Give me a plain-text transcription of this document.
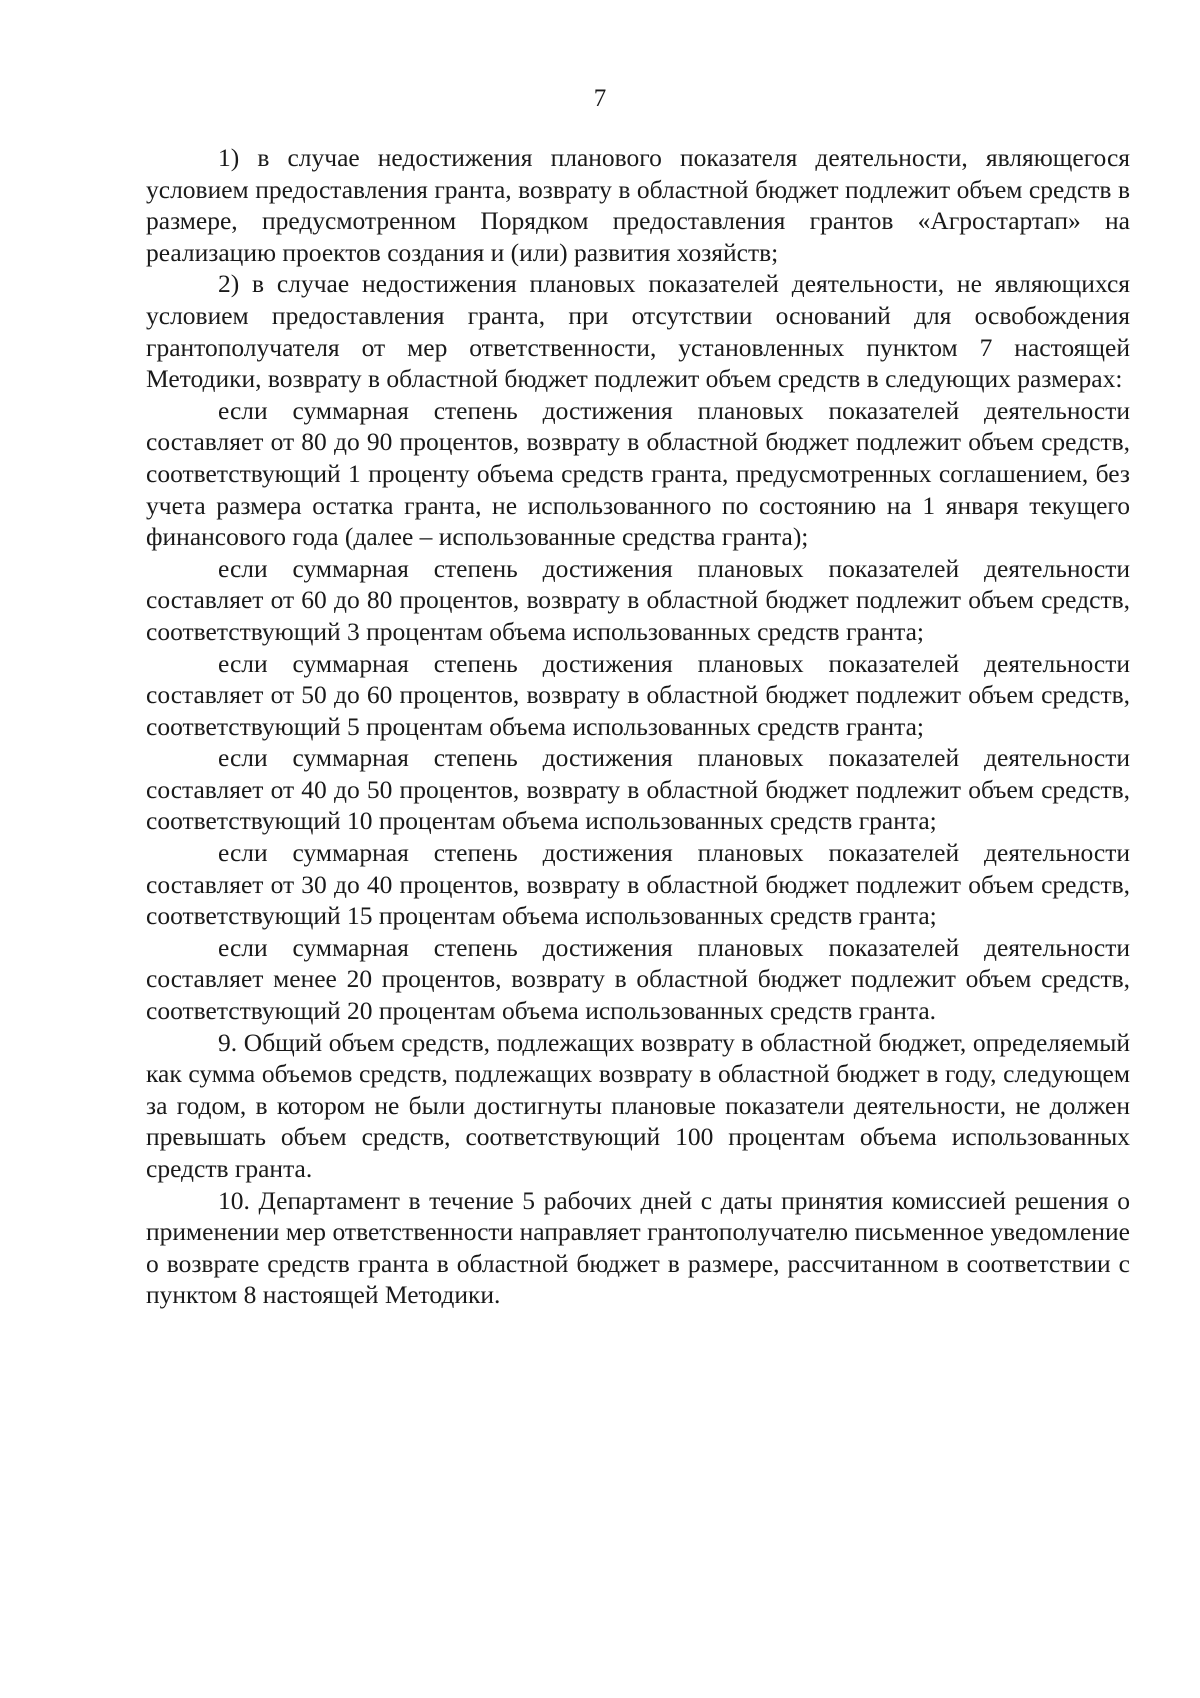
7

1) в случае недостижения планового показателя деятельности, являющегося условием предоставления гранта, возврату в областной бюджет подлежит объем средств в размере, предусмотренном Порядком предоставления грантов «Агростартап» на реализацию проектов создания и (или) развития хозяйств;

2) в случае недостижения плановых показателей деятельности, не являющихся условием предоставления гранта, при отсутствии оснований для освобождения грантополучателя от мер ответственности, установленных пунктом 7 настоящей Методики, возврату в областной бюджет подлежит объем средств в следующих размерах:

если суммарная степень достижения плановых показателей деятельности составляет от 80 до 90 процентов, возврату в областной бюджет подлежит объем средств, соответствующий 1 проценту объема средств гранта, предусмотренных соглашением, без учета размера остатка гранта, не использованного по состоянию на 1 января текущего финансового года (далее – использованные средства гранта);

если суммарная степень достижения плановых показателей деятельности составляет от 60 до 80 процентов, возврату в областной бюджет подлежит объем средств, соответствующий 3 процентам объема использованных средств гранта;

если суммарная степень достижения плановых показателей деятельности составляет от 50 до 60 процентов, возврату в областной бюджет подлежит объем средств, соответствующий 5 процентам объема использованных средств гранта;

если суммарная степень достижения плановых показателей деятельности составляет от 40 до 50 процентов, возврату в областной бюджет подлежит объем средств, соответствующий 10 процентам объема использованных средств гранта;

если суммарная степень достижения плановых показателей деятельности составляет от 30 до 40 процентов, возврату в областной бюджет подлежит объем средств, соответствующий 15 процентам объема использованных средств гранта;

если суммарная степень достижения плановых показателей деятельности составляет менее 20 процентов, возврату в областной бюджет подлежит объем средств, соответствующий 20 процентам объема использованных средств гранта.

9. Общий объем средств, подлежащих возврату в областной бюджет, определяемый как сумма объемов средств, подлежащих возврату в областной бюджет в году, следующем за годом, в котором не были достигнуты плановые показатели деятельности, не должен превышать объем средств, соответствующий 100 процентам объема использованных средств гранта.

10. Департамент в течение 5 рабочих дней с даты принятия комиссией решения о применении мер ответственности направляет грантополучателю письменное уведомление о возврате средств гранта в областной бюджет в размере, рассчитанном в соответствии с пунктом 8 настоящей Методики.
